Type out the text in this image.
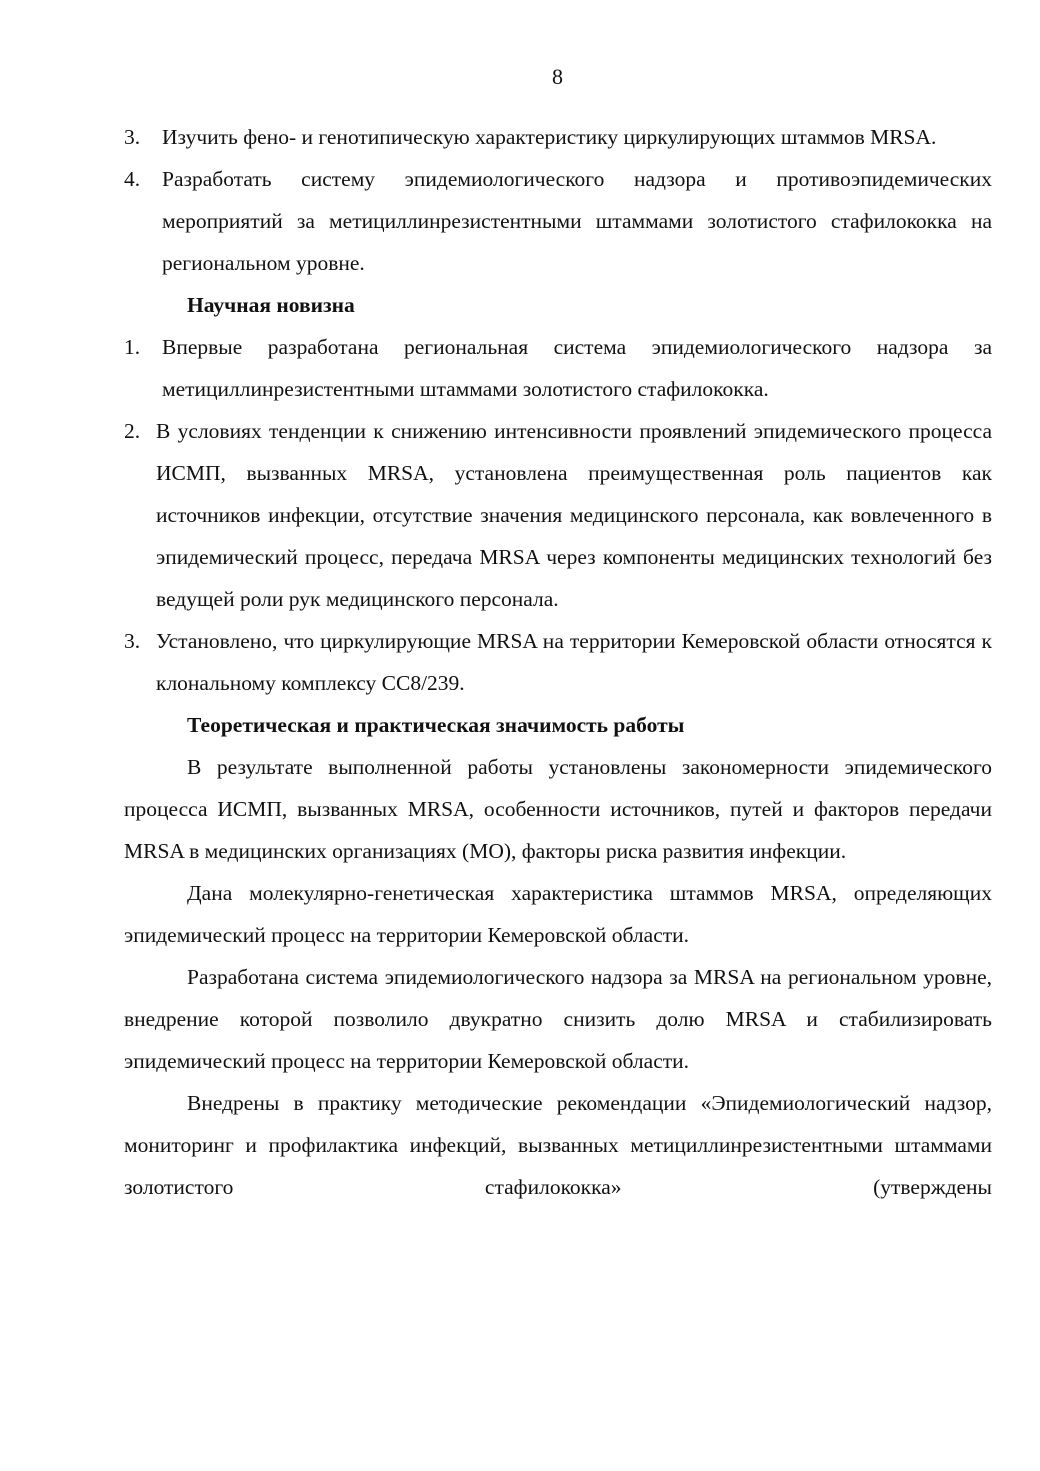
8
3. Изучить фено- и генотипическую характеристику циркулирующих штаммов MRSA.

4. Разработать систему эпидемиологического надзора и противоэпидемических мероприятий за метициллинрезистентными штаммами золотистого стафилококка на региональном уровне.

Научная новизна

1. Впервые разработана региональная система эпидемиологического надзора за метициллинрезистентными штаммами золотистого стафилококка.

2. В условиях тенденции к снижению интенсивности проявлений эпидемического процесса ИСМП, вызванных MRSA, установлена преимущественная роль пациентов как источников инфекции, отсутствие значения медицинского персонала, как вовлеченного в эпидемический процесс, передача MRSA через компоненты медицинских технологий без ведущей роли рук медицинского персонала.

3. Установлено, что циркулирующие MRSA на территории Кемеровской области относятся к клональному комплексу CC8/239.

Теоретическая и практическая значимость работы

В результате выполненной работы установлены закономерности эпидемического процесса ИСМП, вызванных MRSA, особенности источников, путей и факторов передачи MRSA в медицинских организациях (МО), факторы риска развития инфекции.

Дана молекулярно-генетическая характеристика штаммов MRSA, определяющих эпидемический процесс на территории Кемеровской области.

Разработана система эпидемиологического надзора за MRSA на региональном уровне, внедрение которой позволило двукратно снизить долю MRSA и стабилизировать эпидемический процесс на территории Кемеровской области.

Внедрены в практику методические рекомендации «Эпидемиологический надзор, мониторинг и профилактика инфекций, вызванных метициллинрезистентными штаммами золотистого стафилококка» (утверждены
